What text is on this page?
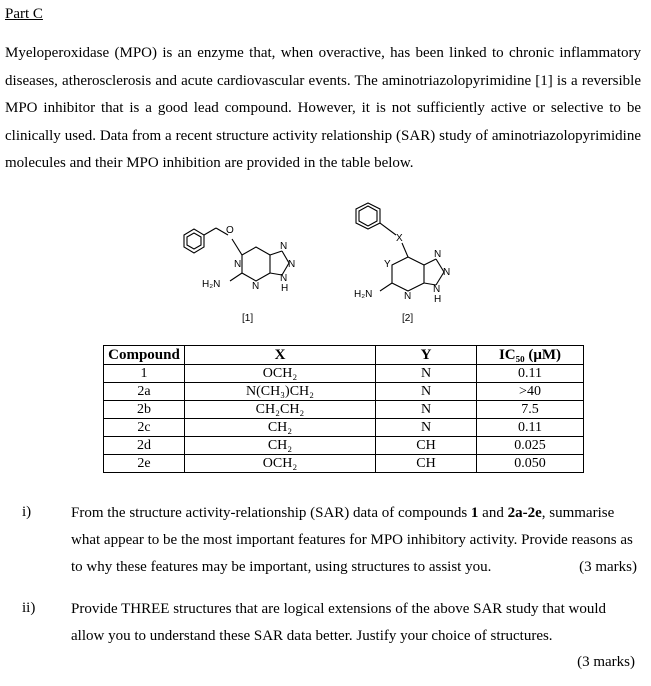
Part C

Myeloperoxidase (MPO) is an enzyme that, when overactive, has been linked to chronic inflammatory diseases, atherosclerosis and acute cardiovascular events. The aminotriazolopyrimidine [1] is a reversible MPO inhibitor that is a good lead compound. However, it is not sufficiently active or selective to be clinically used. Data from a recent structure activity relationship (SAR) study of aminotriazolopyrimidine molecules and their MPO inhibition are provided in the table below.

O
N
N
N
N
H
N
H₂N
X
Y
N
N
N
H
N
H₂N
[1]	[2]
Compound	X	Y	IC₅₀ (μM)
1	OCH₂	N	0.11
2a	N(CH₃)CH₂	N	>40
2b	CH₂CH₂	N	7.5
2c	CH₂	N	0.11
2d	CH₂	CH	0.025
2e	OCH₂	CH	0.050
i)	From the structure activity-relationship (SAR) data of compounds 1 and 2a-2e, summarise what appear to be the most important features for MPO inhibitory activity. Provide reasons as to why these features may be important, using structures to assist you.	(3 marks)
ii) Provide THREE structures that are logical extensions of the above SAR study that would allow you to understand these SAR data better. Justify your choice of structures.
(3 marks)
